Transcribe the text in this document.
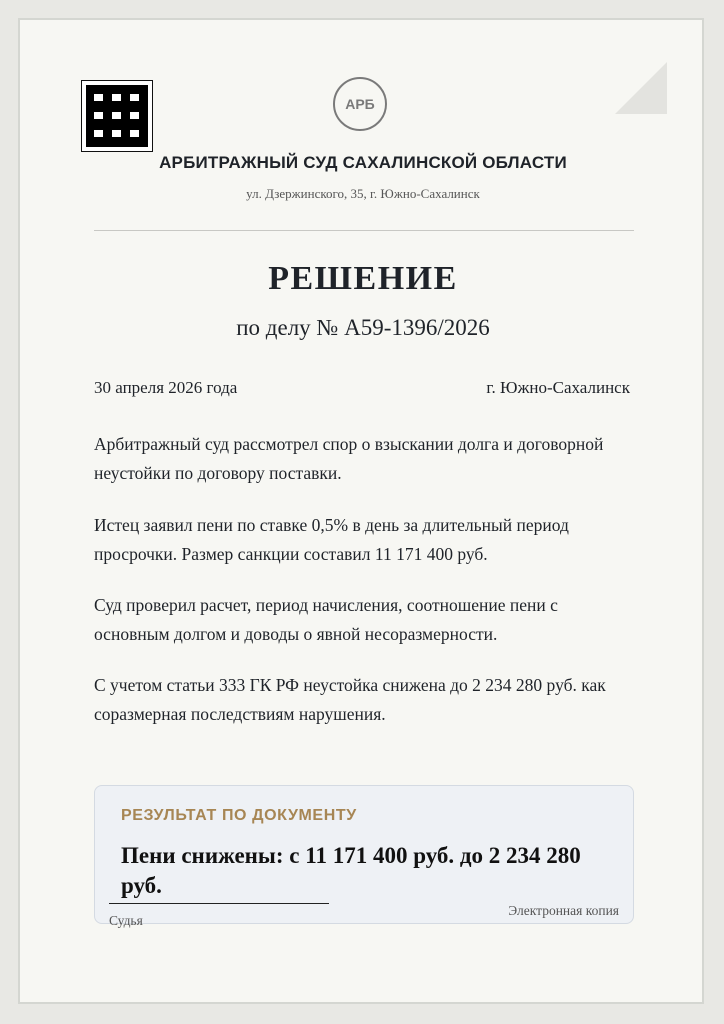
АРБ
АРБИТРАЖНЫЙ СУД САХАЛИНСКОЙ ОБЛАСТИ
ул. Дзержинского, 35, г. Южно-Сахалинск
РЕШЕНИЕ
по делу № А59-1396/2026
30 апреля 2026 года	г. Южно-Сахалинск

Арбитражный суд рассмотрел спор о взыскании долга и договорной неустойки по договору поставки.

Истец заявил пени по ставке 0,5% в день за длительный период просрочки. Размер санкции составил 11 171 400 руб.

Суд проверил расчет, период начисления, соотношение пени с основным долгом и доводы о явной несоразмерности.

С учетом статьи 333 ГК РФ неустойка снижена до 2 234 280 руб. как соразмерная последствиям нарушения.

РЕЗУЛЬТАТ ПО ДОКУМЕНТУ

Пени снижены: с 11 171 400 руб. до 2 234 280 руб.

Судья
Электронная копия
